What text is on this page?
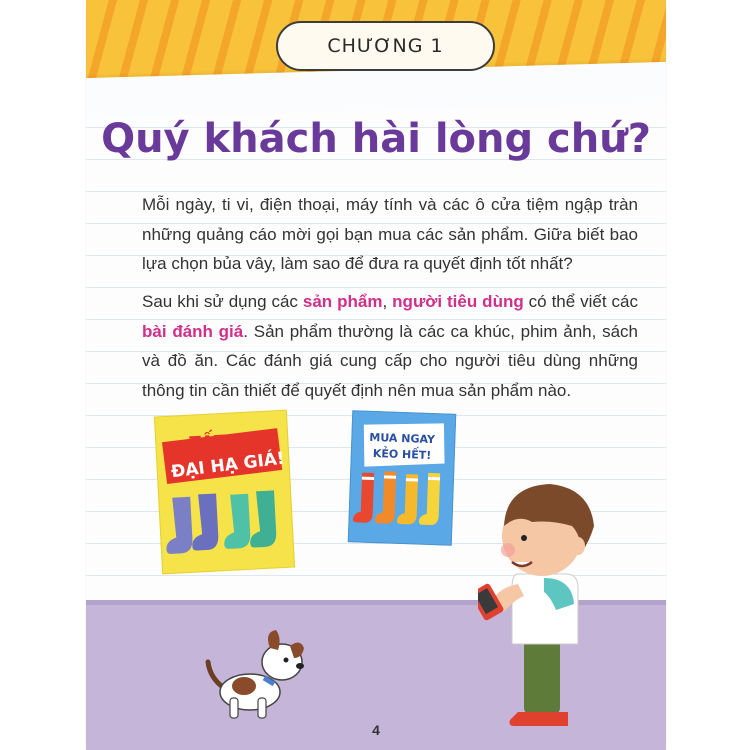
CHƯƠNG 1
Quý khách hài lòng chứ?
Mỗi ngày, ti vi, điện thoại, máy tính và các ô cửa tiệm ngập tràn những quảng cáo mời gọi bạn mua các sản phẩm. Giữa biết bao lựa chọn bủa vây, làm sao để đưa ra quyết định tốt nhất?
Sau khi sử dụng các sản phẩm, người tiêu dùng có thể viết các bài đánh giá. Sản phẩm thường là các ca khúc, phim ảnh, sách và đồ ăn. Các đánh giá cung cấp cho người tiêu dùng những thông tin cần thiết để quyết định nên mua sản phẩm nào.
TẤT
ĐẠI HẠ GIÁ!
MUA NGAY
KẺO HẾT!
4
